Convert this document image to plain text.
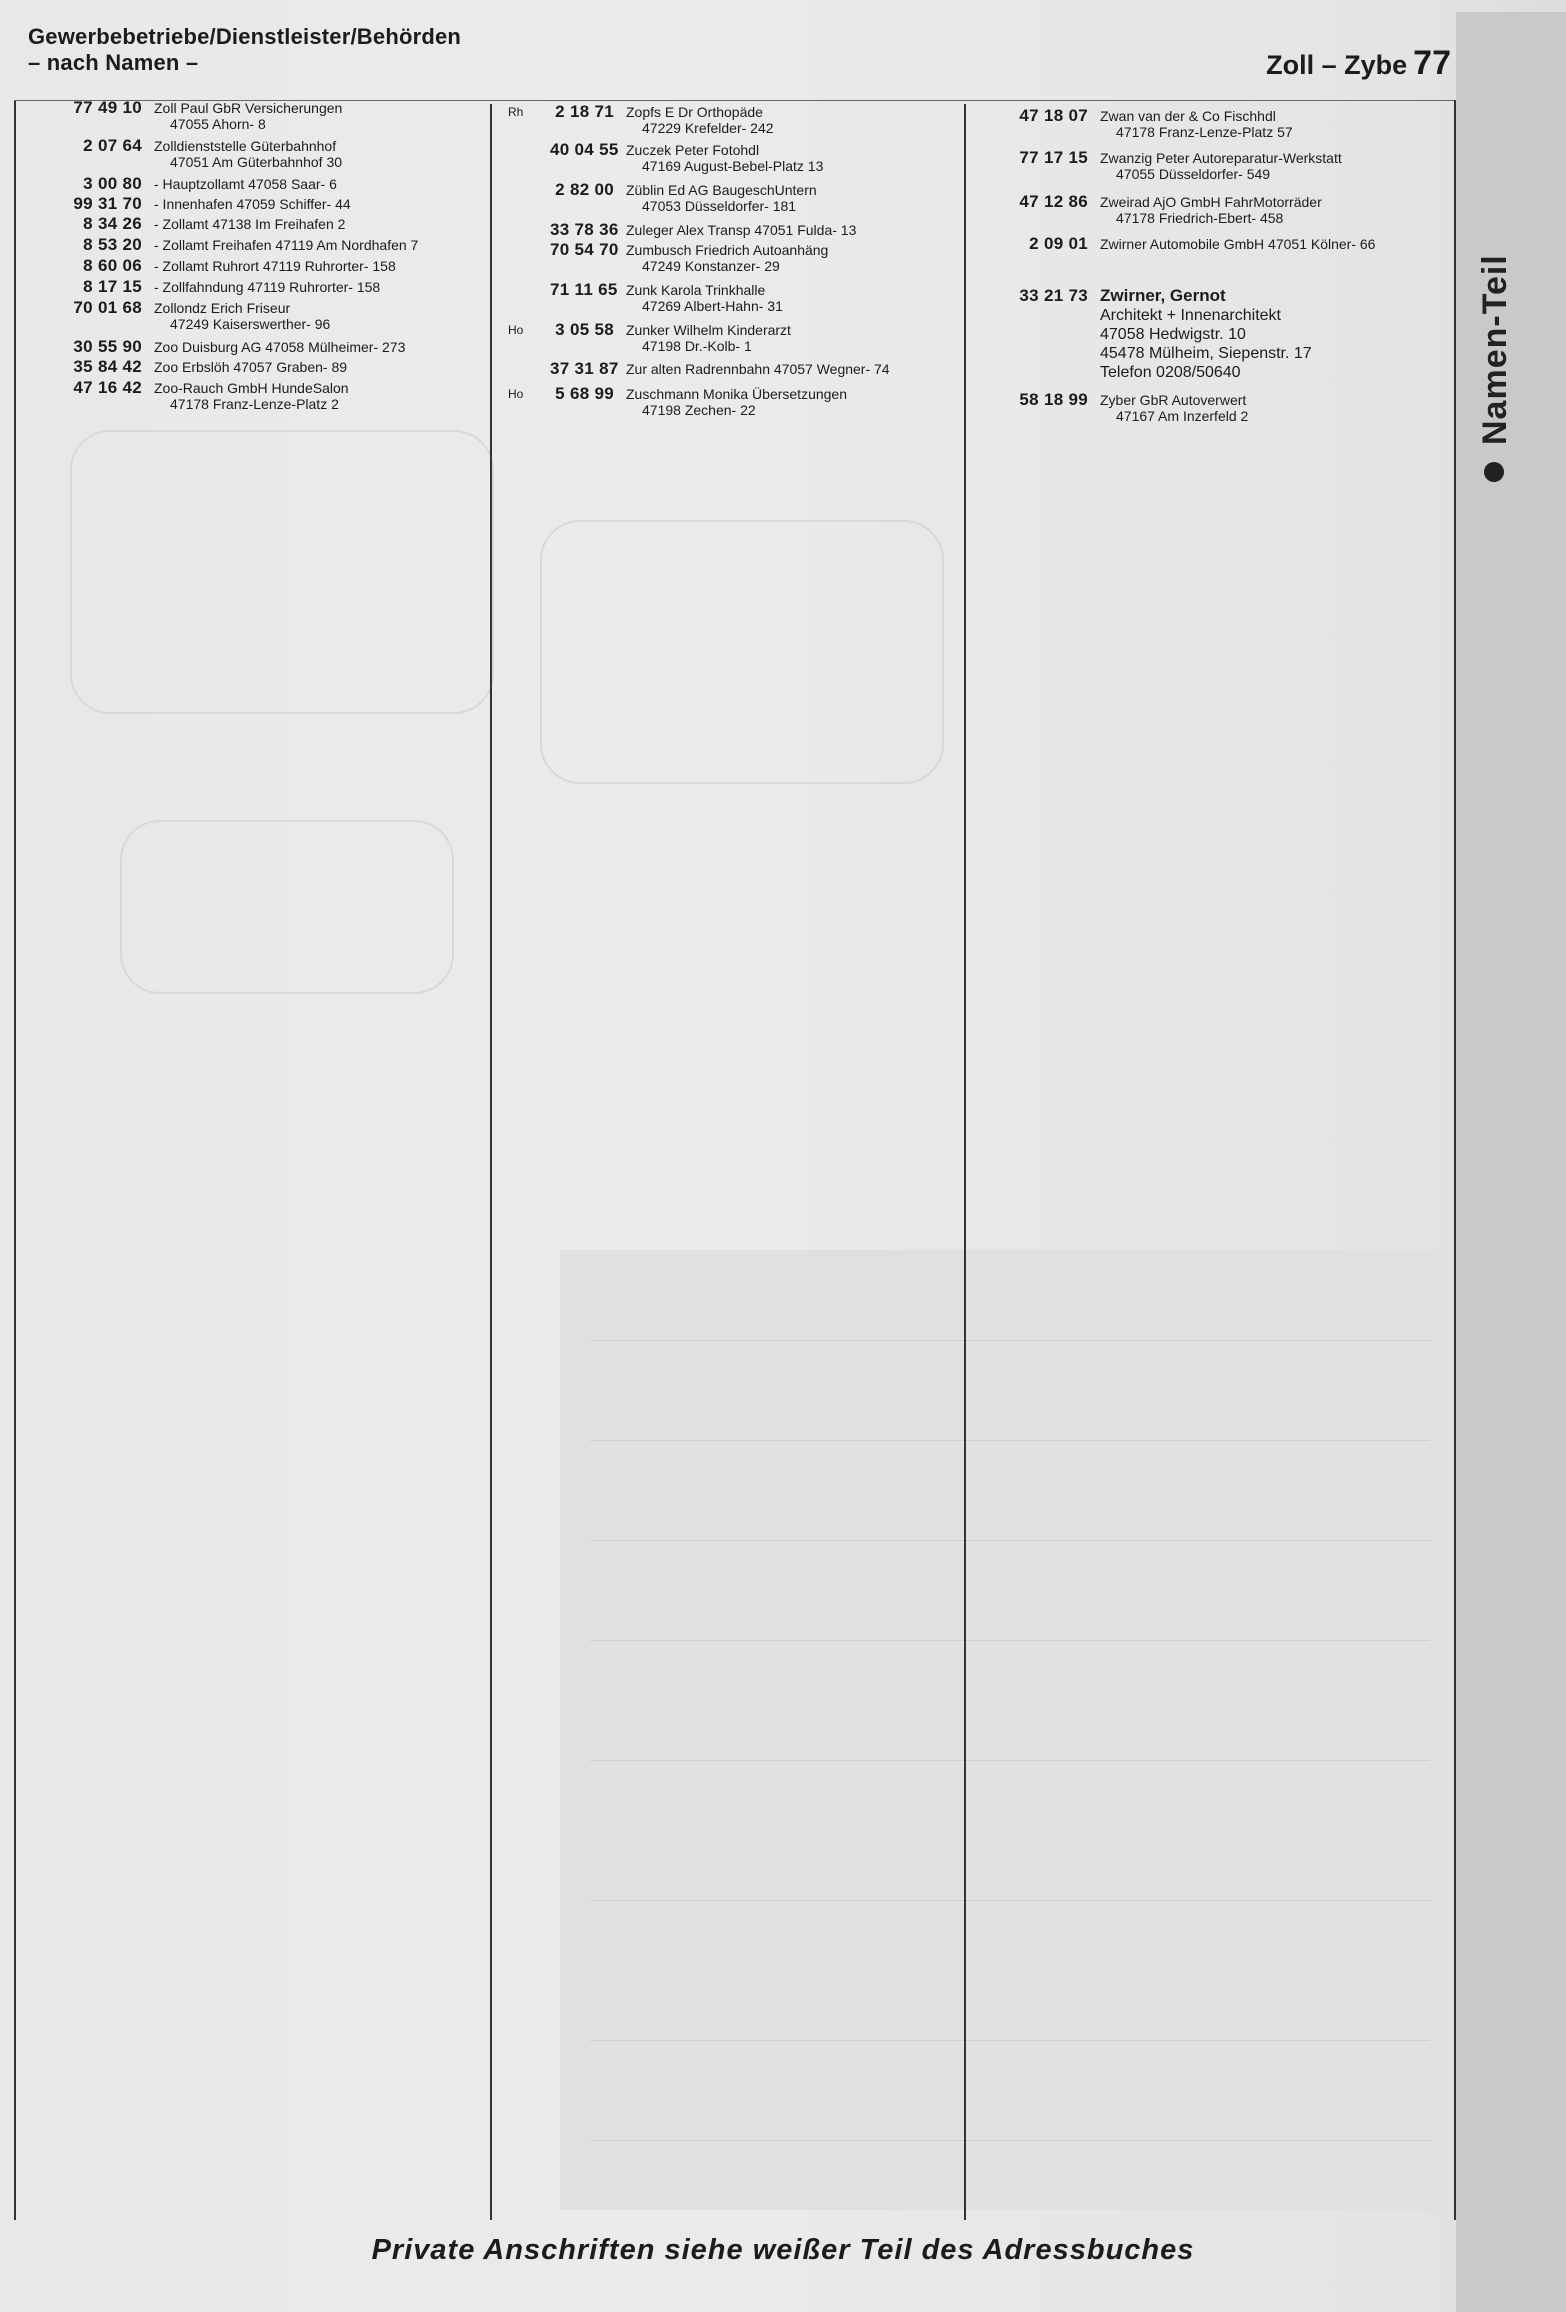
Gewerbebetriebe/Dienstleister/Behörden
– nach Namen –	Zoll – Zybe 77
Namen-Teil
77 49 10 Zoll Paul GbR Versicherungen
47055 Ahorn- 8
2 07 64 Zolldienststelle Güterbahnhof
47051 Am Güterbahnhof 30
3 00 80 - Hauptzollamt 47058 Saar- 6
99 31 70 - Innenhafen 47059 Schiffer- 44
8 34 26 - Zollamt 47138 Im Freihafen 2
8 53 20 - Zollamt Freihafen 47119 Am Nordhafen 7
8 60 06 - Zollamt Ruhrort 47119 Ruhrorter- 158
8 17 15 - Zollfahndung 47119 Ruhrorter- 158
70 01 68 Zollondz Erich Friseur
47249 Kaiserswerther- 96
30 55 90 Zoo Duisburg AG 47058 Mülheimer- 273
35 84 42 Zoo Erbslöh 47057 Graben- 89
47 16 42 Zoo-Rauch GmbH HundeSalon
47178 Franz-Lenze-Platz 2
Rh 2 18 71 Zopfs E Dr Orthopäde
47229 Krefelder- 242
40 04 55 Zuczek Peter Fotohdl
47169 August-Bebel-Platz 13
2 82 00 Züblin Ed AG BaugeschUntern
47053 Düsseldorfer- 181
33 78 36 Zuleger Alex Transp 47051 Fulda- 13
70 54 70 Zumbusch Friedrich Autoanhäng
47249 Konstanzer- 29
71 11 65 Zunk Karola Trinkhalle
47269 Albert-Hahn- 31
Ho 3 05 58 Zunker Wilhelm Kinderarzt
47198 Dr.-Kolb- 1
37 31 87 Zur alten Radrennbahn 47057 Wegner- 74
Ho 5 68 99 Zuschmann Monika Übersetzungen
47198 Zechen- 22
47 18 07 Zwan van der & Co Fischhdl
47178 Franz-Lenze-Platz 57
77 17 15 Zwanzig Peter Autoreparatur-Werkstatt
47055 Düsseldorfer- 549
47 12 86 Zweirad AjO GmbH FahrMotorräder
47178 Friedrich-Ebert- 458
2 09 01 Zwirner Automobile GmbH 47051 Kölner- 66
33 21 73 Zwirner, Gernot
Architekt + Innenarchitekt
47058 Hedwigstr. 10
45478 Mülheim, Siepenstr. 17
Telefon 0208/50640
58 18 99 Zyber GbR Autoverwert
47167 Am Inzerfeld 2
Private Anschriften siehe weißer Teil des Adressbuches
